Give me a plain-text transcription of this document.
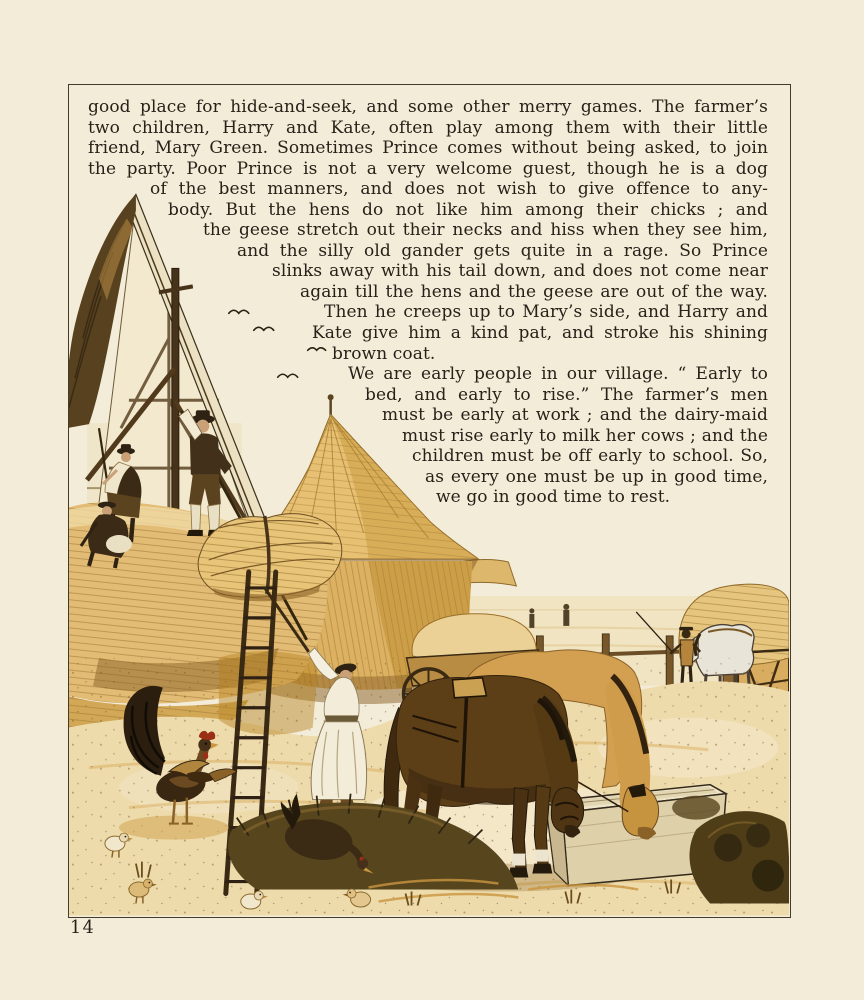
good place for hide-and-seek, and some other merry games. The farmer’s
two children, Harry and Kate, often play among them with their little
friend, Mary Green. Sometimes Prince comes without being asked, to join
the party. Poor Prince is not a very welcome guest, though he is a dog
of the best manners, and does not wish to give offence to any-
body. But the hens do not like him among their chicks ; and
the geese stretch out their necks and hiss when they see him,
and the silly old gander gets quite in a rage. So Prince
slinks away with his tail down, and does not come near
again till the hens and the geese are out of the way.
Then he creeps up to Mary’s side, and Harry and
Kate give him a kind pat, and stroke his shining
brown coat.
We are early people in our village. “ Early to
bed, and early to rise.” The farmer’s men
must be early at work ; and the dairy-maid
must rise early to milk her cows ; and the
children must be off early to school. So,
as every one must be up in good time,
we go in good time to rest.
14
